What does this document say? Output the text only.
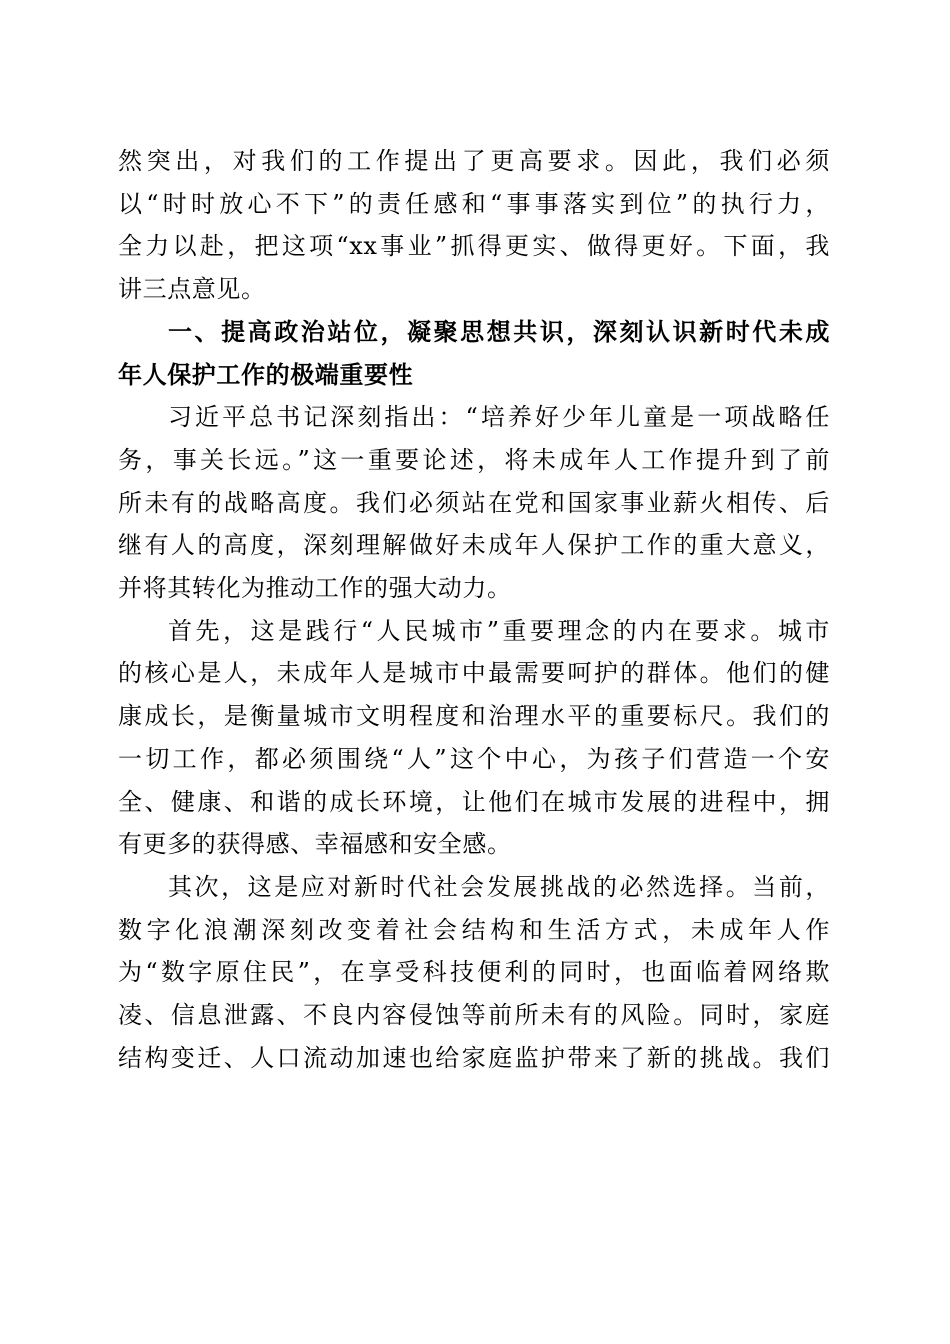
然突出，对我们的工作提出了更高要求。因此，我们必须
以“时时放心不下”的责任感和“事事落实到位”的执行力，
全力以赴，把这项“xx事业”抓得更实、做得更好。下面，我
讲三点意见。

一、提高政治站位，凝聚思想共识，深刻认识新时代未成
年人保护工作的极端重要性

习近平总书记深刻指出：“培养好少年儿童是一项战略任
务，事关长远。”这一重要论述，将未成年人工作提升到了前
所未有的战略高度。我们必须站在党和国家事业薪火相传、后
继有人的高度，深刻理解做好未成年人保护工作的重大意义，
并将其转化为推动工作的强大动力。

首先，这是践行“人民城市”重要理念的内在要求。城市
的核心是人，未成年人是城市中最需要呵护的群体。他们的健
康成长，是衡量城市文明程度和治理水平的重要标尺。我们的
一切工作，都必须围绕“人”这个中心，为孩子们营造一个安
全、健康、和谐的成长环境，让他们在城市发展的进程中，拥
有更多的获得感、幸福感和安全感。

其次，这是应对新时代社会发展挑战的必然选择。当前，
数字化浪潮深刻改变着社会结构和生活方式，未成年人作
为“数字原住民”，在享受科技便利的同时，也面临着网络欺
凌、信息泄露、不良内容侵蚀等前所未有的风险。同时，家庭
结构变迁、人口流动加速也给家庭监护带来了新的挑战。我们
